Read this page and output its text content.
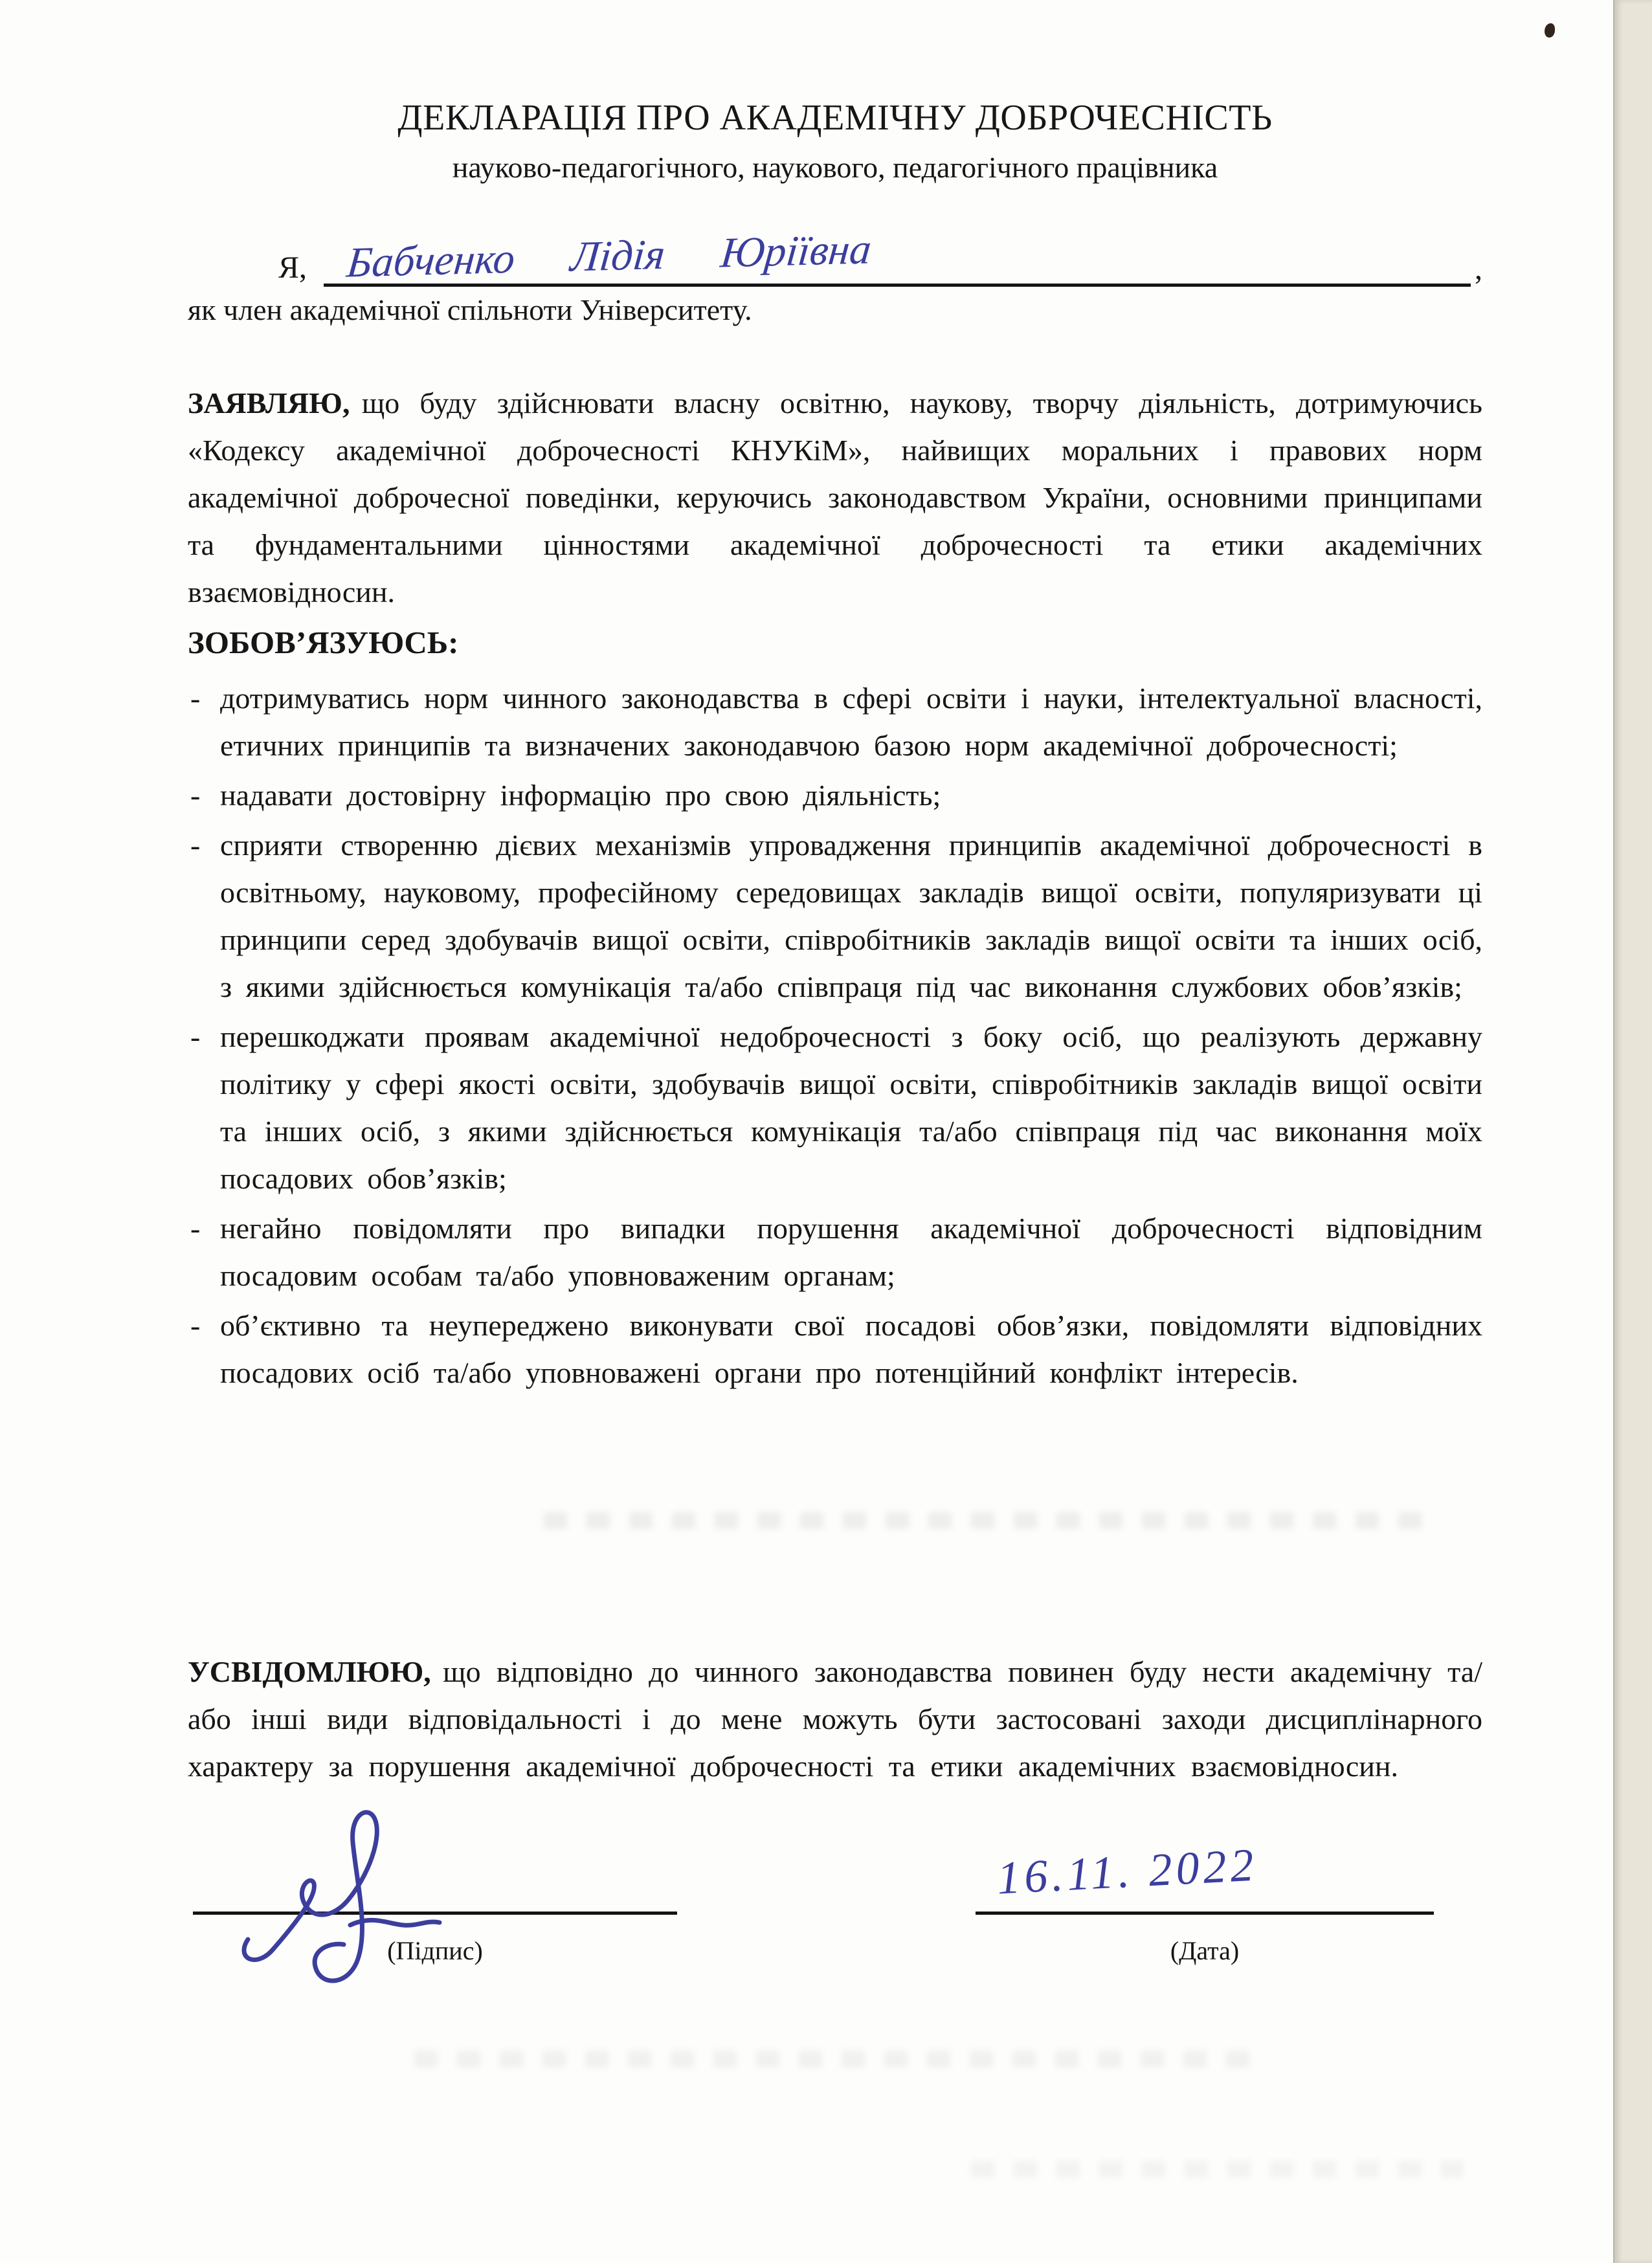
ДЕКЛАРАЦІЯ ПРО АКАДЕМІЧНУ ДОБРОЧЕСНІСТЬ
науково-педагогічного, наукового, педагогічного працівника
Я, Бабченко Лідія Юріївна	,
як член академічної спільноти Університету.

ЗАЯВЛЯЮ, що буду здійснювати власну освітню, наукову, творчу діяльність, дотримуючись «Кодексу академічної доброчесності КНУКіМ», найвищих моральних і правових норм академічної доброчесної поведінки, керуючись законодавством України, основними принципами та фундаментальними цінностями академічної доброчесності та етики академічних взаємовідносин.

ЗОБОВ’ЯЗУЮСЬ:
- дотримуватись норм чинного законодавства в сфері освіти і науки, інтелектуальної власності, етичних принципів та визначених законодавчою базою норм академічної доброчесності;
- надавати достовірну інформацію про свою діяльність;
- сприяти створенню дієвих механізмів упровадження принципів академічної доброчесності в освітньому, науковому, професійному середовищах закладів вищої освіти, популяризувати ці принципи серед здобувачів вищої освіти, співробітників закладів вищої освіти та інших осіб, з якими здійснюється комунікація та/або співпраця під час виконання службових обов’язків;
- перешкоджати проявам академічної недоброчесності з боку осіб, що реалізують державну політику у сфері якості освіти, здобувачів вищої освіти, співробітників закладів вищої освіти та інших осіб, з якими здійснюється комунікація та/або співпраця під час виконання моїх посадових обов’язків;
- негайно повідомляти про випадки порушення академічної доброчесності відповідним посадовим особам та/або уповноваженим органам;
- об’єктивно та неупереджено виконувати свої посадові обов’язки, повідомляти відповідних посадових осіб та/або уповноважені органи про потенційний конфлікт інтересів.

УСВІДОМЛЮЮ, що відповідно до чинного законодавства повинен буду нести академічну та/або інші види відповідальності і до мене можуть бути застосовані заходи дисциплінарного характеру за порушення академічної доброчесності та етики академічних взаємовідносин.

16.11. 2022
(Підпис)	(Дата)
